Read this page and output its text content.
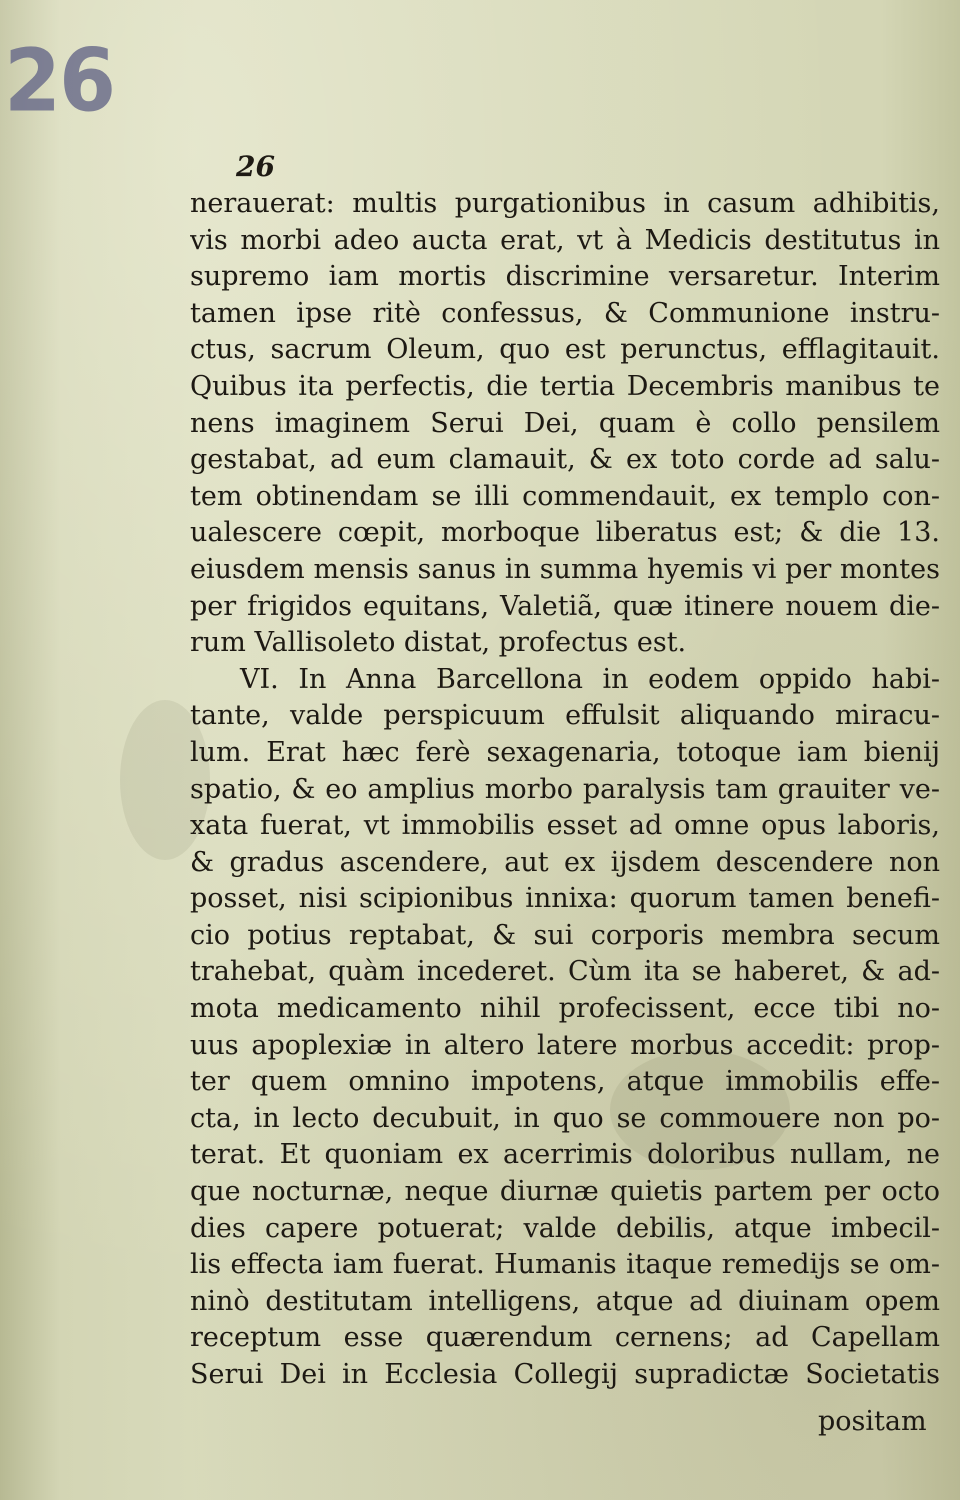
26
26
nerauerat: multis purgationibus in casum adhibitis,
vis morbi adeo aucta erat, vt à Medicis destitutus in
supremo iam mortis discrimine versaretur. Interim
tamen ipse ritè confessus, & Communione instru-
ctus, sacrum Oleum, quo est perunctus, efflagitauit.
Quibus ita perfectis, die tertia Decembris manibus te
nens imaginem Serui Dei, quam è collo pensilem
gestabat, ad eum clamauit, & ex toto corde ad salu-
tem obtinendam se illi commendauit, ex templo con-
ualescere cœpit, morboque liberatus est; & die 13.
eiusdem mensis sanus in summa hyemis vi per montes
per frigidos equitans, Valetiã, quæ itinere nouem die-
rum Vallisoleto distat, profectus est.
VI. In Anna Barcellona in eodem oppido habi-
tante, valde perspicuum effulsit aliquando miracu-
lum. Erat hæc ferè sexagenaria, totoque iam bienij
spatio, & eo amplius morbo paralysis tam grauiter ve-
xata fuerat, vt immobilis esset ad omne opus laboris,
& gradus ascendere, aut ex ijsdem descendere non
posset, nisi scipionibus innixa: quorum tamen benefi-
cio potius reptabat, & sui corporis membra secum
trahebat, quàm incederet. Cùm ita se haberet, & ad-
mota medicamento nihil profecissent, ecce tibi no-
uus apoplexiæ in altero latere morbus accedit: prop-
ter quem omnino impotens, atque immobilis effe-
cta, in lecto decubuit, in quo se commouere non po-
terat. Et quoniam ex acerrimis doloribus nullam, ne
que nocturnæ, neque diurnæ quietis partem per octo
dies capere potuerat; valde debilis, atque imbecil-
lis effecta iam fuerat. Humanis itaque remedijs se om-
ninò destitutam intelligens, atque ad diuinam opem
receptum esse quærendum cernens; ad Capellam
Serui Dei in Ecclesia Collegij supradictæ Societatis
positam
